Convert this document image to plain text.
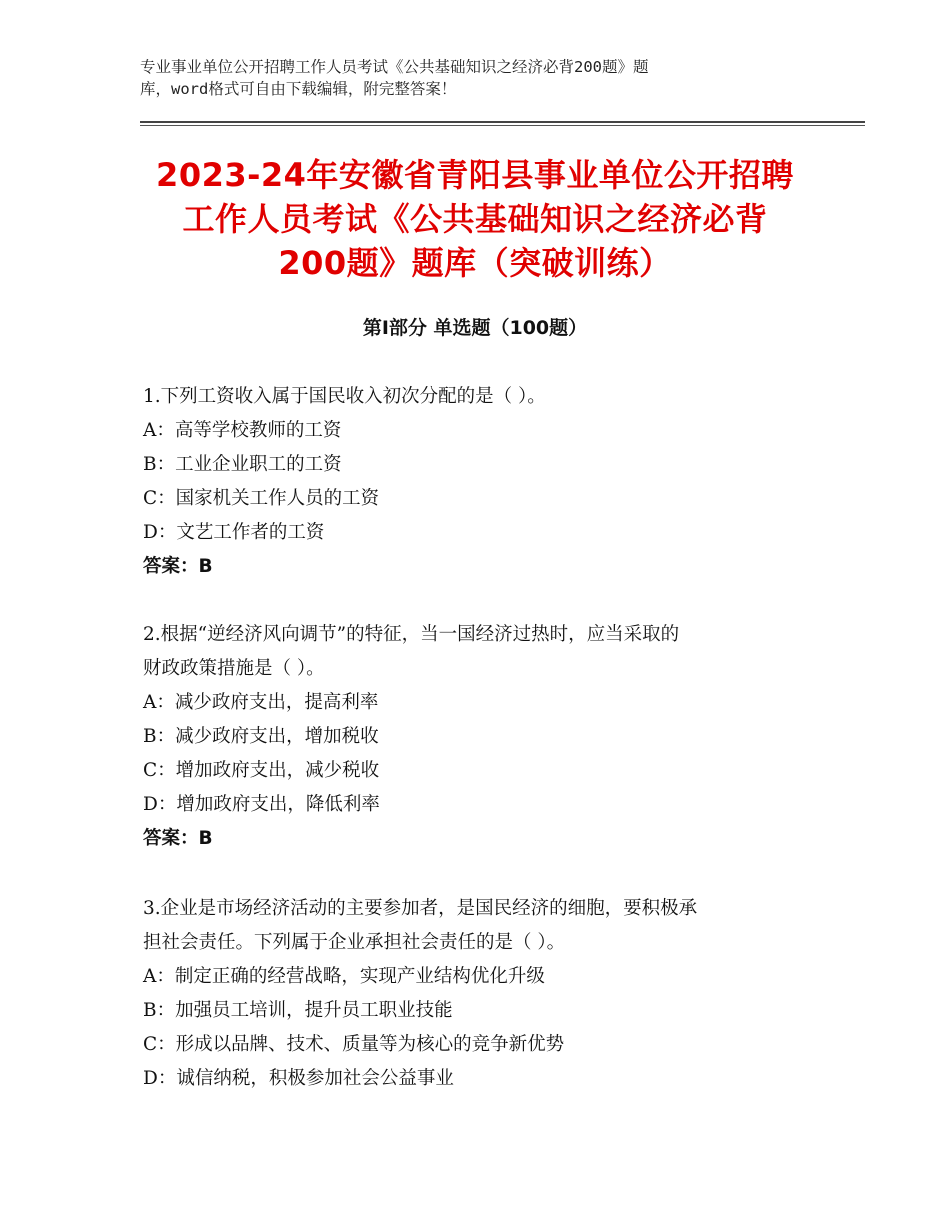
专业事业单位公开招聘工作人员考试《公共基础知识之经济必背200题》题
库，word格式可自由下载编辑，附完整答案！
2023-24年安徽省青阳县事业单位公开招聘
工作人员考试《公共基础知识之经济必背
200题》题库（突破训练）
第Ⅰ部分 单选题（100题）
1.下列工资收入属于国民收入初次分配的是（ ）。
A：高等学校教师的工资
B：工业企业职工的工资
C：国家机关工作人员的工资
D：文艺工作者的工资
答案：B
2.根据“逆经济风向调节”的特征，当一国经济过热时，应当采取的
财政政策措施是（ ）。
A：减少政府支出，提高利率
B：减少政府支出，增加税收
C：增加政府支出，减少税收
D：增加政府支出，降低利率
答案：B
3.企业是市场经济活动的主要参加者，是国民经济的细胞，要积极承
担社会责任。下列属于企业承担社会责任的是（ ）。
A：制定正确的经营战略，实现产业结构优化升级
B：加强员工培训，提升员工职业技能
C：形成以品牌、技术、质量等为核心的竞争新优势
D：诚信纳税，积极参加社会公益事业
